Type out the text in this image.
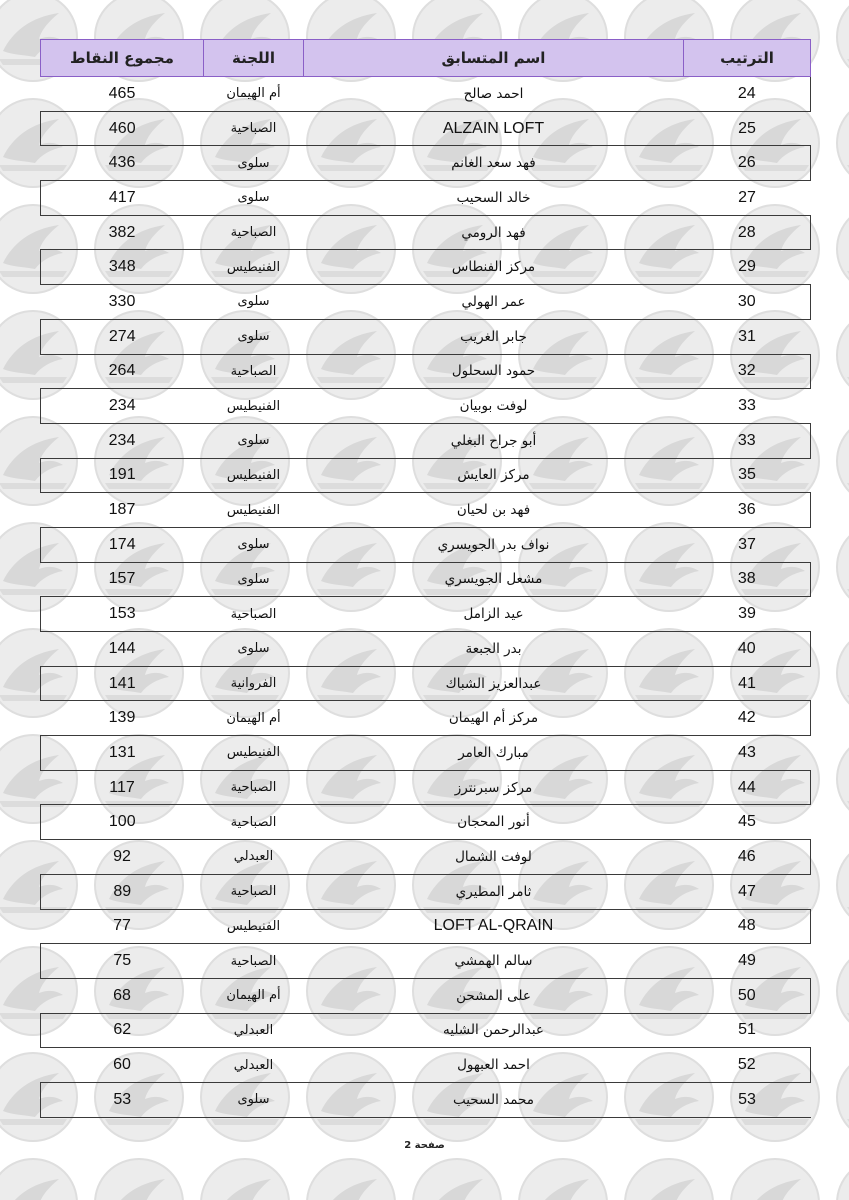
مجموع النقاط	اللجنة	اسم المتسابق	الترتيب
465	أم الهيمان	احمد صالح	24
460	الصباحية	ALZAIN LOFT	25
436	سلوى	فهد سعد الغانم	26
417	سلوى	خالد السحيب	27
382	الصباحية	فهد الرومي	28
348	الفنيطيس	مركز الفنطاس	29
330	سلوى	عمر الهولي	30
274	سلوى	جابر الغريب	31
264	الصباحية	حمود السحلول	32
234	الفنيطيس	لوفت بوبيان	33
234	سلوى	أبو جراح البغلي	33
191	الفنيطيس	مركز العايش	35
187	الفنيطيس	فهد بن لحيان	36
174	سلوى	نواف بدر الجويسري	37
157	سلوى	مشعل الجويسري	38
153	الصباحية	عيد الزامل	39
144	سلوى	بدر الجبعة	40
141	الفروانية	عبدالعزيز الشباك	41
139	أم الهيمان	مركز أم الهيمان	42
131	الفنيطيس	مبارك العامر	43
117	الصباحية	مركز سبرنترز	44
100	الصباحية	أنور المحجان	45
92	العبدلي	لوفت الشمال	46
89	الصباحية	ثامر المطيري	47
77	الفنيطيس	LOFT AL-QRAIN	48
75	الصباحية	سالم الهمشي	49
68	أم الهيمان	على المشحن	50
62	العبدلي	عبدالرحمن الشليه	51
60	العبدلي	احمد العبهول	52
53	سلوى	محمد السحيب	53
صفحة 2
